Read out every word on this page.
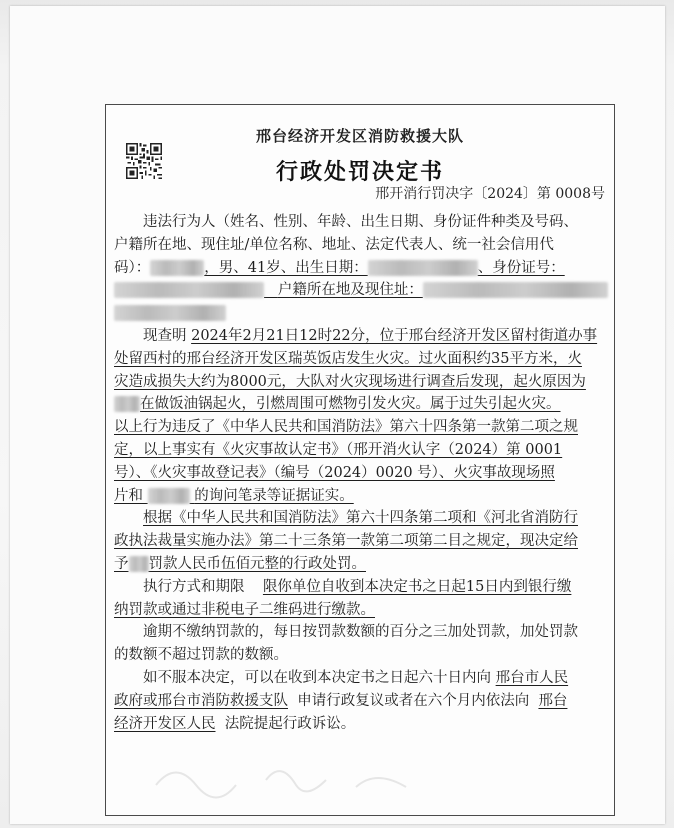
邢台经济开发区消防救援大队
行政处罚决定书
邢开消行罚决字〔2024〕第 0008号
违法行为人（姓名、性别、年龄、出生日期、身份证件种类及号码、
户籍所在地、现住址/单位名称、地址、法定代表人、统一社会信用代
码）：	，男、41岁、出生日期：	、身份证号：
户籍所在地及现住址：
现查明 2024年2月21日12时22分，位于邢台经济开发区留村街道办事
处留西村的邢台经济开发区瑞英饭店发生火灾。过火面积约35平方米，火
灾造成损失大约为8000元，大队对火灾现场进行调查后发现，起火原因为
在做饭油锅起火，引燃周围可燃物引发火灾。属于过失引起火灾。
以上行为违反了《中华人民共和国消防法》第六十四条第一款第二项之规
定，以上事实有《火灾事故认定书》（邢开消火认字（2024）第 0001
号）、《火灾事故登记表》（编号（2024）0020 号）、火灾事故现场照
片和	的询问笔录等证据证实。
根据《中华人民共和国消防法》第六十四条第二项和《河北省消防行
政执法裁量实施办法》第二十三条第一款第二项第二目之规定，现决定给
予 罚款人民币伍佰元整的行政处罚。
执行方式和期限 限你单位自收到本决定书之日起15日内到银行缴
纳罚款或通过非税电子二维码进行缴款。
逾期不缴纳罚款的，每日按罚款数额的百分之三加处罚款，加处罚款
的数额不超过罚款的数额。
如不服本决定，可以在收到本决定书之日起六十日内向 邢台市人民
政府或邢台市消防救援支队 申请行政复议或者在六个月内依法向 邢台
经济开发区人民 法院提起行政诉讼。
